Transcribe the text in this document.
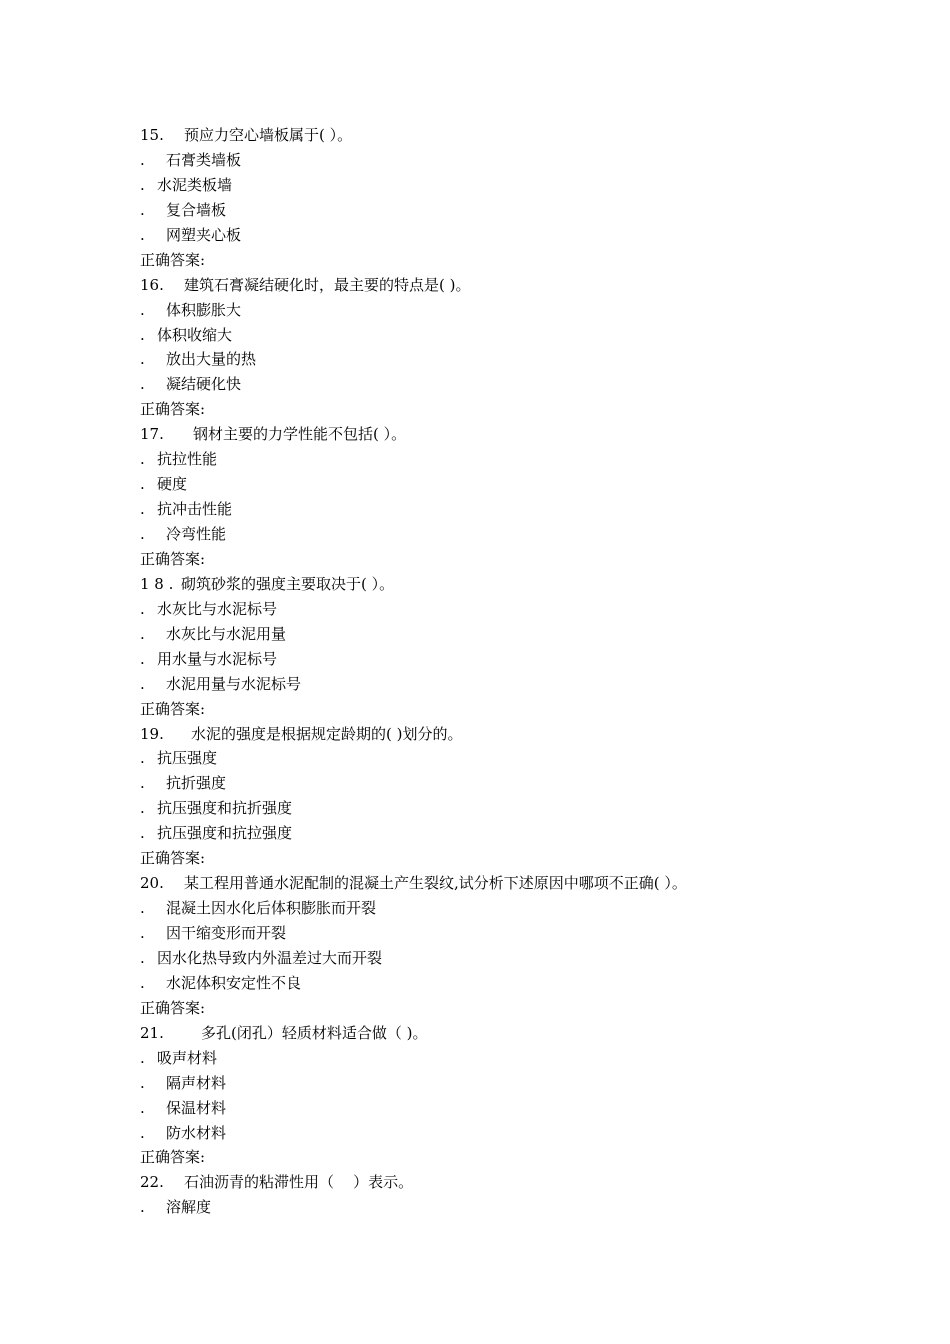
15. 预应力空心墙板属于( ）。
. 石膏类墙板
. 水泥类板墙
. 复合墙板
. 网塑夹心板
正确答案:
16. 建筑石膏凝结硬化时，最主要的特点是( )。
. 体积膨胀大
. 体积收缩大
. 放出大量的热
. 凝结硬化快
正确答案:
17. 钢材主要的力学性能不包括( ）。
. 抗拉性能
. 硬度
. 抗冲击性能
. 冷弯性能
正确答案:
1 8 . 砌筑砂浆的强度主要取决于( ）。
. 水灰比与水泥标号
. 水灰比与水泥用量
. 用水量与水泥标号
. 水泥用量与水泥标号
正确答案:
19. 水泥的强度是根据规定龄期的( )划分的。
. 抗压强度
. 抗折强度
. 抗压强度和抗折强度
. 抗压强度和抗拉强度
正确答案:
20. 某工程用普通水泥配制的混凝土产生裂纹,试分析下述原因中哪项不正确( ）。
. 混凝土因水化后体积膨胀而开裂
. 因干缩变形而开裂
. 因水化热导致内外温差过大而开裂
. 水泥体积安定性不良
正确答案:
21. 多孔(闭孔）轻质材料适合做（ )。
. 吸声材料
. 隔声材料
. 保温材料
. 防水材料
正确答案:
22. 石油沥青的粘滞性用（    ）表示。
. 溶解度
